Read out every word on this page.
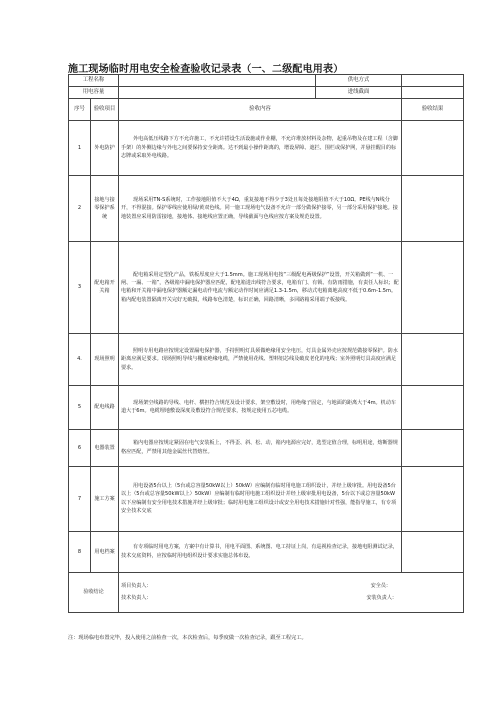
施工现场临时用电安全检查验收记录表（一、二级配电用表）
工程名称			供电方式	
用电容量			进线截面	
序号	验收项目	验收内容		验收结果
1	外电防护	外电高低压线路下方不允许施工，不允许搭设生活设施或作业棚，不允许堆放材料及杂物，起重吊物及在建工程（含脚手架）的外侧边缘与外电之间要保持安全距离。达不到最小操作距离的，增设屏障、遮拦、围栏或保护网，并悬挂醒目的标志牌或采取外电线路。		

2	接地与接零保护系统	现场采用TN-S系统时，工作接地阻值不大于4Ω，重复接地不得少于3处且每处接地阻值不大于10Ω。PE线与N线分开，不得混接。保护零线应使用绿/黄双色线。同一施工现场电气设备不允许一部分做保护接零，另一部分采用保护接地。接地装置应采用防雷接地，接地体、接地线应置正确，导线截面与色线应按方案及规范设置。		

3	配电箱开关箱	配电箱采用定型化产品，铁板厚度应大于1.5mm。施工现场用电按“三级配电两级保护”设置，开关箱做到“一机、一闸、一漏、一箱”，各级箱中漏电保护器应匹配，配电箱进出线符合要求，电箱有门、有锁、有防雨措施，有责任人标识；配电箱和开关箱中漏电保护器额定漏电动作电流与额定动作时间应满足1.3-1.5m，移动式电箱离地高度不低于0.6m-1.5m。箱内配电装置隔离开关完好无破损，线路布色清楚，标识正确，回路清晰，多回路箱采用端子板接线。		

4.	现场照明	照明专用电路应按规定设置漏电保护器，手持照明灯具须做绝缘用安全电压，灯具金属外壳应按规范做接零保护。防水距离应满足要求。现场照明导线与棚底绝缘电缆，严禁使用花线、塑料铝芯线及破皮老化的电线；室外照明灯具高度应满足要求。		

5	配电线路	现场架空线路的导线、电杆、横担符合规范及设计要求，架空敷设时，用绝缘子固定，与地面的距离大于4m。机动车道大于6m。电缆埋地敷设深度及敷设符合规范要求，按规定使用五芯电缆。		

6	电器装置	箱内电器应按规定紧固在电气安装板上，不得歪、斜、松、动，箱内电源应完好，选型定值合理，标明用途，熔断器规格应匹配，严禁用其他金属丝代替熔丝。		

7	施工方案	用电设备5台以上（5台或总容量50kW以上）50kW）应编制有临时用电施工组织设计，并经上级审批。用电设备5台以上（5台或总容量50kW以上）50kW）应编制有临时用电施工组织设计并经上级审批用电设备，5台以下或总容量50kW以下应编制有安全用电技术措施并经上级审批；临时用电施工组织设计或安全用电技术措施针对性强，能指导施工，有专项安全技术交底		

8	用电档案	有专项临时用电方案，方案中有计算书，用电平面图、系统图、电工持证上岗，有巡视检查记录，接地电阻测试记录，技术交底资料，应按临时用电组织设计要求实施总体布设。		

验收结论		项目负责人： 安全员：
技术负责人： 安装负责人：		
注：现场临电布置完毕，投入使用之前检查一次，本次检查后，每季度做一次检查记录，跟至工程完工。
